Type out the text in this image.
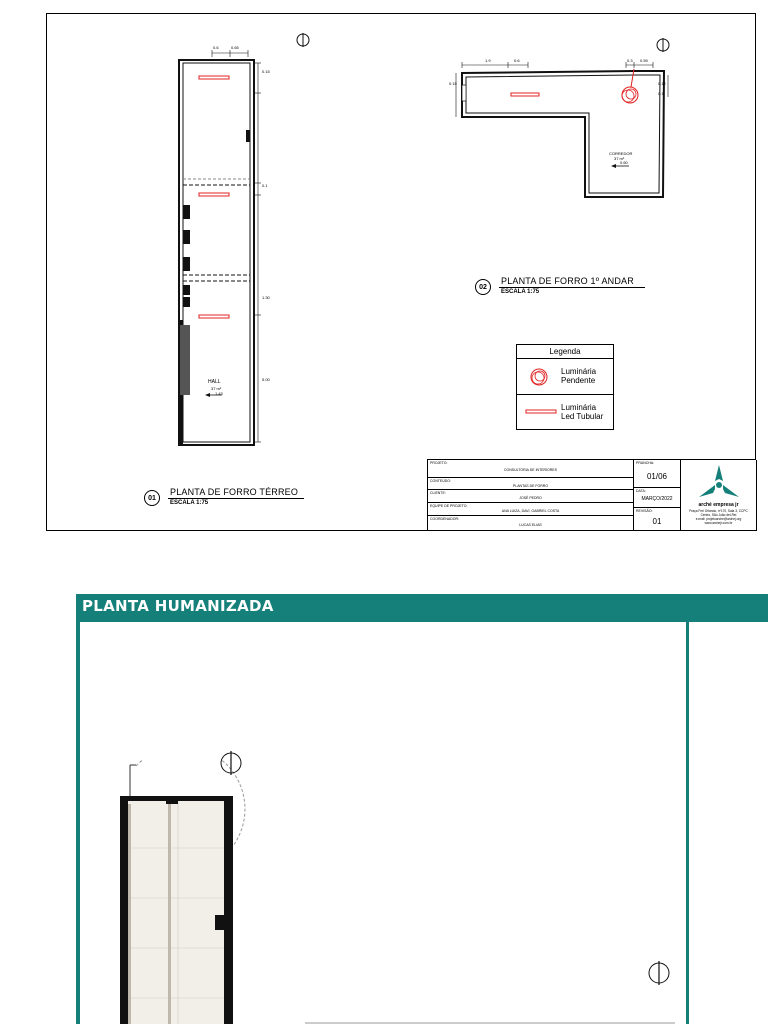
0.6	0.65
0.15
0.1
1.30
5.00
HALL
37 m²
1.43
01
PLANTA DE FORRO TÉRREO
ESCALA 1:75
1.9	0.6	0.3 0.59
0.15	0.12
0.1
CORREDOR
37 m²
0.60
02
PLANTA DE FORRO 1º ANDAR
ESCALA 1:75
Legenda
Luminária
Pendente
Luminária
Led Tubular
PROJETO:
CONSULTORIA DE INTERIORES
CONTEÚDO:
PLANTAS DE FORRO
CLIENTE:
JOSÉ PEDRO
EQUIPE DE PROJETO:
ANA LUIZA, DAVI, GABRIEL COSTA
COORDENADOR:
LUCAS ELIAS
PRANCHA:
01/06
DATA:
MARÇO/2022
REVISÃO:
01
arché empresa jr
Praça Frei Orlando, nº170, Sala 3, CCPC
Centro, São João del-Rei
e-mail: projetoarche@archej.org
www.archejr.com.br
PLANTA HUMANIZADA
